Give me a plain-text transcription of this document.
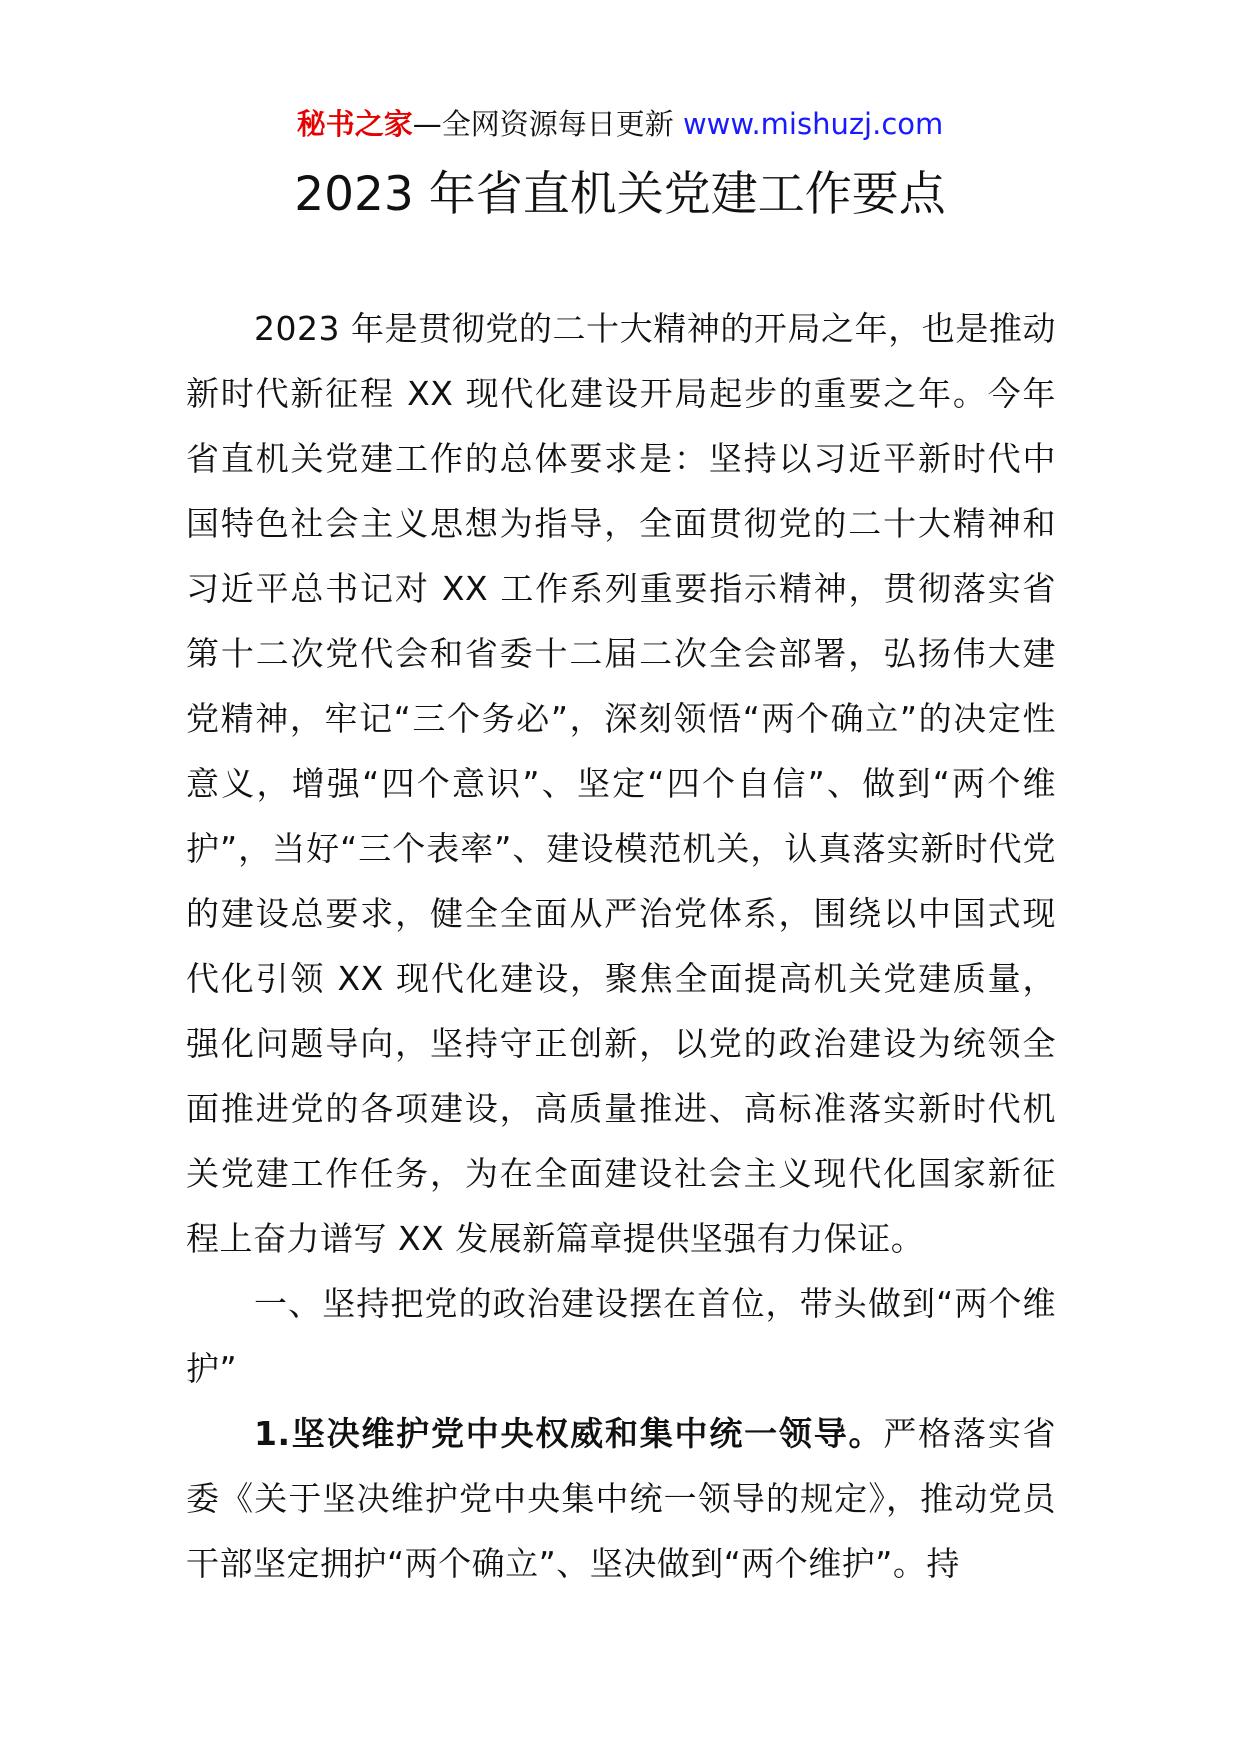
秘书之家—全网资源每日更新 www.mishuzj.com
2023 年省直机关党建工作要点

2023 年是贯彻党的二十大精神的开局之年，也是推动新时代新征程 XX 现代化建设开局起步的重要之年。今年省直机关党建工作的总体要求是：坚持以习近平新时代中国特色社会主义思想为指导，全面贯彻党的二十大精神和习近平总书记对 XX 工作系列重要指示精神，贯彻落实省第十二次党代会和省委十二届二次全会部署，弘扬伟大建党精神，牢记“三个务必”，深刻领悟“两个确立”的决定性意义，增强“四个意识”、坚定“四个自信”、做到“两个维护”，当好“三个表率”、建设模范机关，认真落实新时代党的建设总要求，健全全面从严治党体系，围绕以中国式现代化引领 XX 现代化建设，聚焦全面提高机关党建质量，强化问题导向，坚持守正创新，以党的政治建设为统领全面推进党的各项建设，高质量推进、高标准落实新时代机关党建工作任务，为在全面建设社会主义现代化国家新征程上奋力谱写 XX 发展新篇章提供坚强有力保证。

一、坚持把党的政治建设摆在首位，带头做到“两个维护”

1.坚决维护党中央权威和集中统一领导。严格落实省委《关于坚决维护党中央集中统一领导的规定》，推动党员干部坚定拥护“两个确立”、坚决做到“两个维护”。持
